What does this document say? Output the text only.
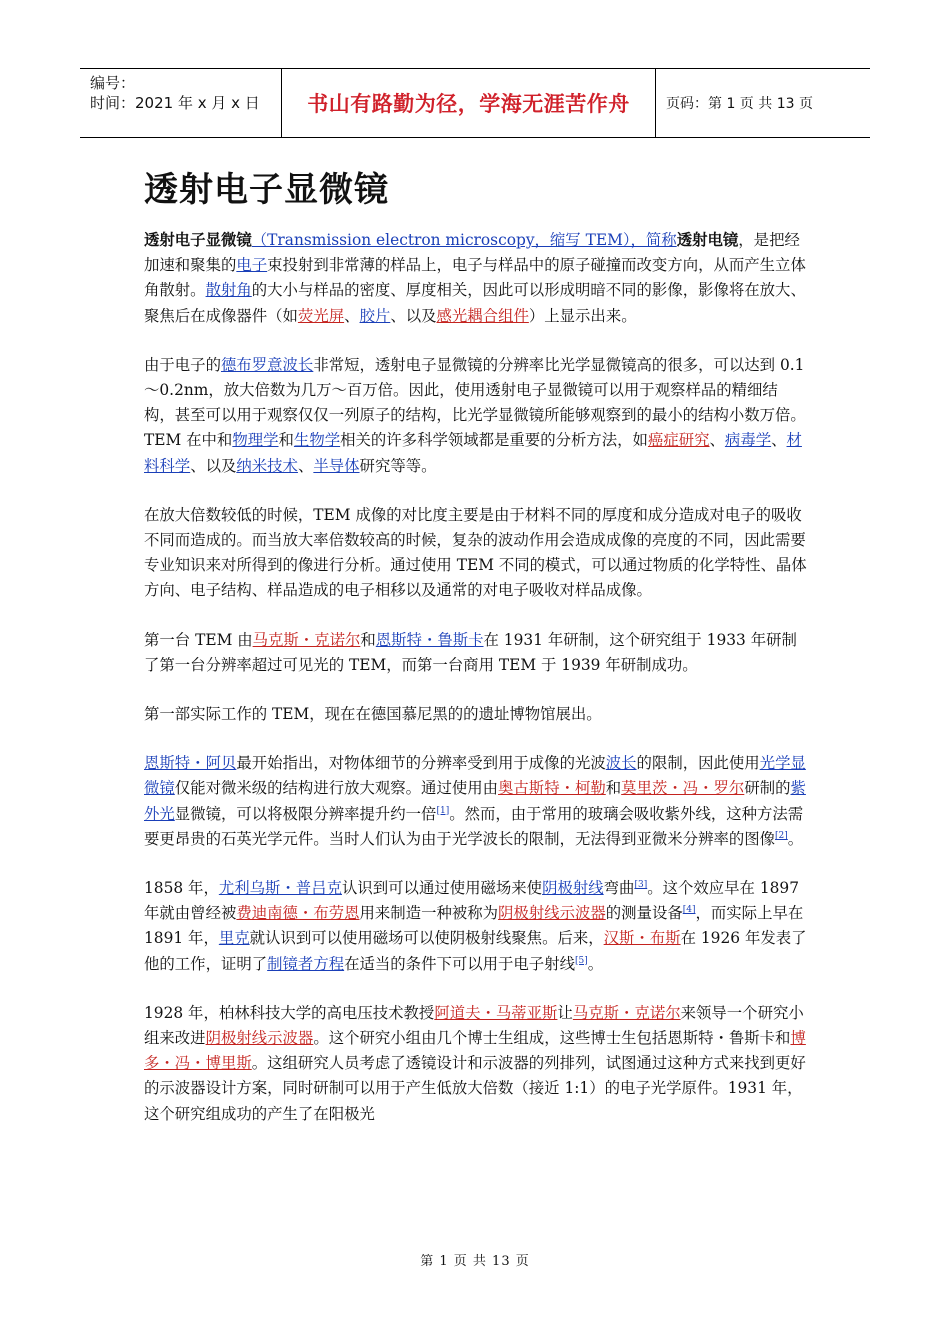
编号：
时间：2021 年 x 月 x 日	书山有路勤为径，学海无涯苦作舟	页码：第 1 页 共 13 页
透射电子显微镜

透射电子显微镜（Transmission electron microscopy，缩写 TEM），简称透射电镜，是把经加速和聚集的电子束投射到非常薄的样品上，电子与样品中的原子碰撞而改变方向，从而产生立体角散射。散射角的大小与样品的密度、厚度相关，因此可以形成明暗不同的影像，影像将在放大、聚焦后在成像器件（如荧光屏、胶片、以及感光耦合组件）上显示出来。

由于电子的德布罗意波长非常短，透射电子显微镜的分辨率比光学显微镜高的很多，可以达到 0.1～0.2nm，放大倍数为几万～百万倍。因此，使用透射电子显微镜可以用于观察样品的精细结构，甚至可以用于观察仅仅一列原子的结构，比光学显微镜所能够观察到的最小的结构小数万倍。TEM 在中和物理学和生物学相关的许多科学领域都是重要的分析方法，如癌症研究、病毒学、材料科学、以及纳米技术、半导体研究等等。

在放大倍数较低的时候，TEM 成像的对比度主要是由于材料不同的厚度和成分造成对电子的吸收不同而造成的。而当放大率倍数较高的时候，复杂的波动作用会造成成像的亮度的不同，因此需要专业知识来对所得到的像进行分析。通过使用 TEM 不同的模式，可以通过物质的化学特性、晶体方向、电子结构、样品造成的电子相移以及通常的对电子吸收对样品成像。

第一台 TEM 由马克斯・克诺尔和恩斯特・鲁斯卡在 1931 年研制，这个研究组于 1933 年研制了第一台分辨率超过可见光的 TEM，而第一台商用 TEM 于 1939 年研制成功。

第一部实际工作的 TEM，现在在德国慕尼黑的的遗址博物馆展出。

恩斯特・阿贝最开始指出，对物体细节的分辨率受到用于成像的光波波长的限制，因此使用光学显微镜仅能对微米级的结构进行放大观察。通过使用由奥古斯特・柯勒和莫里茨・冯・罗尔研制的紫外光显微镜，可以将极限分辨率提升约一倍[1]。然而，由于常用的玻璃会吸收紫外线，这种方法需要更昂贵的石英光学元件。当时人们认为由于光学波长的限制，无法得到亚微米分辨率的图像[2]。

1858 年，尤利乌斯・普吕克认识到可以通过使用磁场来使阴极射线弯曲[3]。这个效应早在 1897 年就由曾经被费迪南德・布劳恩用来制造一种被称为阴极射线示波器的测量设备[4]，而实际上早在 1891 年，里克就认识到可以使用磁场可以使阴极射线聚焦。后来，汉斯・布斯在 1926 年发表了他的工作，证明了制镜者方程在适当的条件下可以用于电子射线[5]。

1928 年，柏林科技大学的高电压技术教授阿道夫・马蒂亚斯让马克斯・克诺尔来领导一个研究小组来改进阴极射线示波器。这个研究小组由几个博士生组成，这些博士生包括恩斯特・鲁斯卡和博多・冯・博里斯。这组研究人员考虑了透镜设计和示波器的列排列，试图通过这种方式来找到更好的示波器设计方案，同时研制可以用于产生低放大倍数（接近 1:1）的电子光学原件。1931 年，这个研究组成功的产生了在阳极光

第 1 页 共 13 页
